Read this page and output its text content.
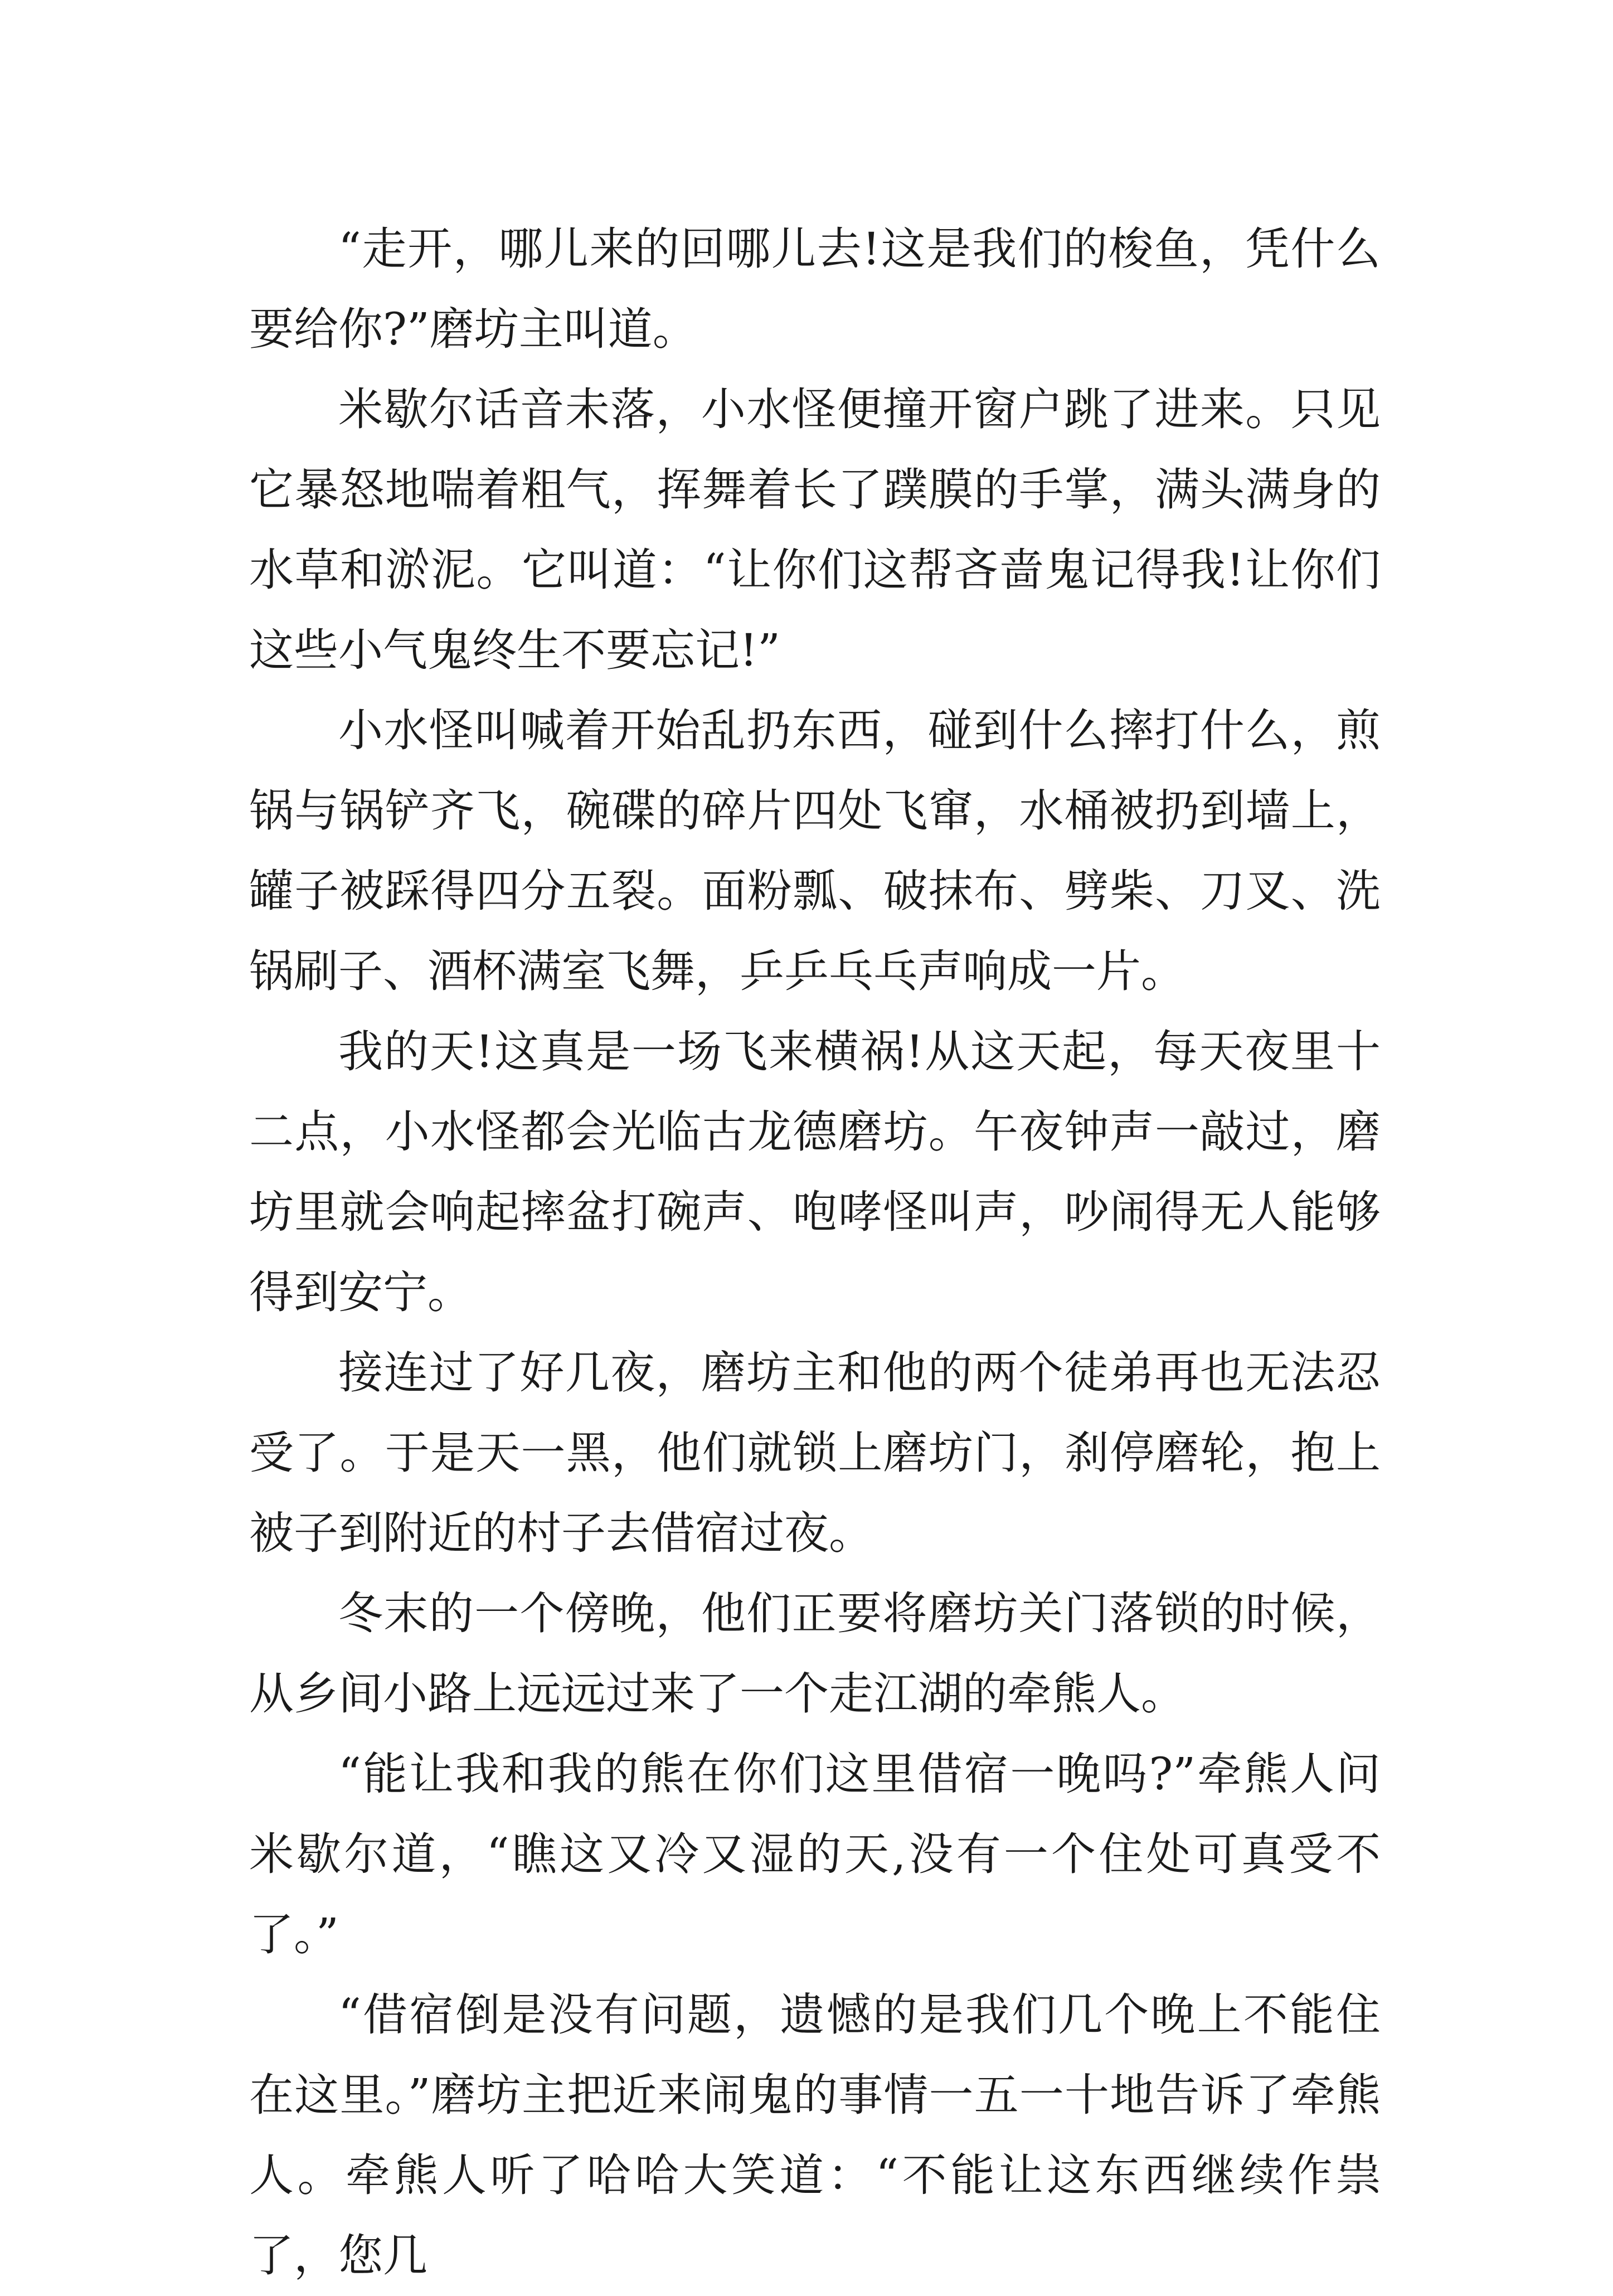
“走开，哪儿来的回哪儿去!这是我们的梭鱼，凭什么要给你?”磨坊主叫道。

米歇尔话音未落，小水怪便撞开窗户跳了进来。只见它暴怒地喘着粗气，挥舞着长了蹼膜的手掌，满头满身的水草和淤泥。它叫道：“让你们这帮吝啬鬼记得我!让你们这些小气鬼终生不要忘记!”

小水怪叫喊着开始乱扔东西，碰到什么摔打什么，煎锅与锅铲齐飞，碗碟的碎片四处飞窜，水桶被扔到墙上，罐子被踩得四分五裂。面粉瓢、破抹布、劈柴、刀叉、洗锅刷子、酒杯满室飞舞，乒乒乓乓声响成一片。

我的天!这真是一场飞来横祸!从这天起，每天夜里十二点，小水怪都会光临古龙德磨坊。午夜钟声一敲过，磨坊里就会响起摔盆打碗声、咆哮怪叫声，吵闹得无人能够得到安宁。

接连过了好几夜，磨坊主和他的两个徒弟再也无法忍受了。于是天一黑，他们就锁上磨坊门，刹停磨轮，抱上被子到附近的村子去借宿过夜。

冬末的一个傍晚，他们正要将磨坊关门落锁的时候，从乡间小路上远远过来了一个走江湖的牵熊人。

“能让我和我的熊在你们这里借宿一晚吗?”牵熊人问米歇尔道，“瞧这又冷又湿的天,没有一个住处可真受不了。”

“借宿倒是没有问题，遗憾的是我们几个晚上不能住在这里。”磨坊主把近来闹鬼的事情一五一十地告诉了牵熊人。牵熊人听了哈哈大笑道：“不能让这东西继续作祟了，您几
